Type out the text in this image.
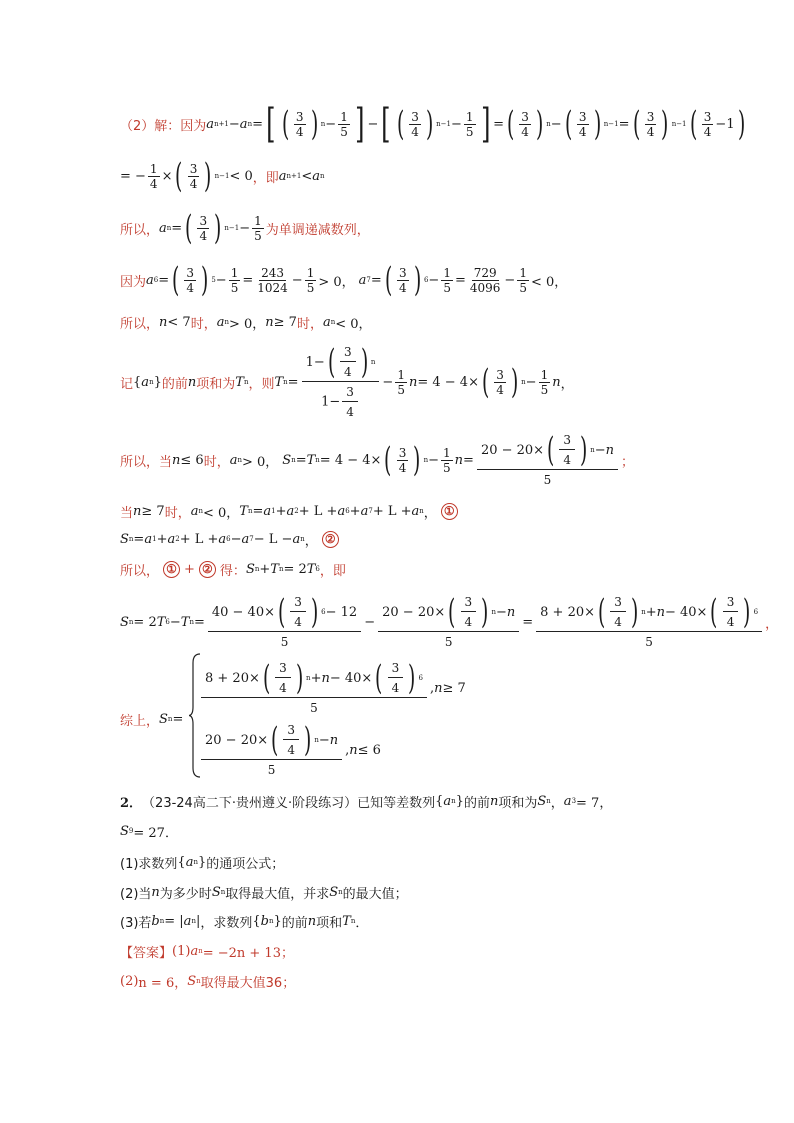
（2）解： 因为 a n+1 − a n = [ ( $\frac{3}{4}$ ) $n - \frac{1}{5}$ ] − [ ( $\frac{3}{4}$ ) $n-1 - \frac{1}{5}$ ] = ( $\frac{3}{4}$ ) n − ( $\frac{3}{4}$ ) n−1 = ( $\frac{3}{4}$ ) n−1 ( $\frac{3}{4} -1$ )
= − $\frac{1}{4}$ × ( $\frac{3}{4}$ ) n−1 < 0 ，即 a n+1 < a n
所以， a n = ( $\frac{3}{4}$ ) $n-1 - \frac{1}{5}$ 为单调递减数列，
因为 a 6 = ( $\frac{3}{4}$ ) $5 - \frac{1}{5} = \frac{243}{1024} - \frac{1}{5} > 0$， a 7 = ( $\frac{3}{4}$ ) $6 - \frac{1}{5} = \frac{729}{4096} - \frac{1}{5} < 0$，
所以， n < 7 时， a n > 0， n ≥ 7 时， a n < 0，
记 { a n } 的前 n 项和为 T n ，则 T $n = \frac{1- ( \frac{3}{4} ) n}{1- \frac{3}{4}} - \frac{1}{5}$ n = 4 − 4× ( $\frac{3}{4}$ ) $n - \frac{1}{5}$ n ，
所以，当 n ≤ 6 时， a n > 0， S n = T n = 4 − 4× ( $\frac{3}{4}$ ) $n - \frac{1}{5}$ $n = \frac{20 - 20\times ( \frac{3}{4} ) n - n}{5}$ ；
当 n ≥ 7 时， a n < 0， T n = a 1 + a 2 + L + a 6 + a 7 + L + a n ， ①
S n = a 1 + a 2 + L + a 6 − a 7 − L − a n ， ②
所以， ① + ② 得： S n + T n = 2 T 6 ，即
S n = 2 T 6 − T $n = \frac{40 - 40\times ( \frac{3}{4} ) 6 - 12}{5} - \frac{20 - 20\times ( \frac{3}{4} ) n - n}{5} = \frac{8 + 20\times ( \frac{3}{4} ) n + n - 40\times ( \frac{3}{4} ) 6}{5}$ ，
综上， S n =
$\frac{8 + 20\times ( \frac{3}{4} ) n + n - 40\times ( \frac{3}{4} ) 6}{5}$ , n ≥ 7
$\frac{20 - 20\times ( \frac{3}{4} ) n - n}{5}$ , n ≤ 6
2． （23-24高二下·贵州遵义·阶段练习） 已知等差数列 { a n } 的前 n 项和为 S n ， a 3 = 7，
S 9 = 27．
(1)求数列 { a n } 的通项公式；
(2)当 n 为多少时 S n 取得最大值，并求 S n 的最大值；
(3)若 b n = | a n | ，求数列 { b n } 的前 n 项和 T n ．
【答案】 (1) a n = −2n + 13；
(2) n = 6， S n 取得最大值36；
